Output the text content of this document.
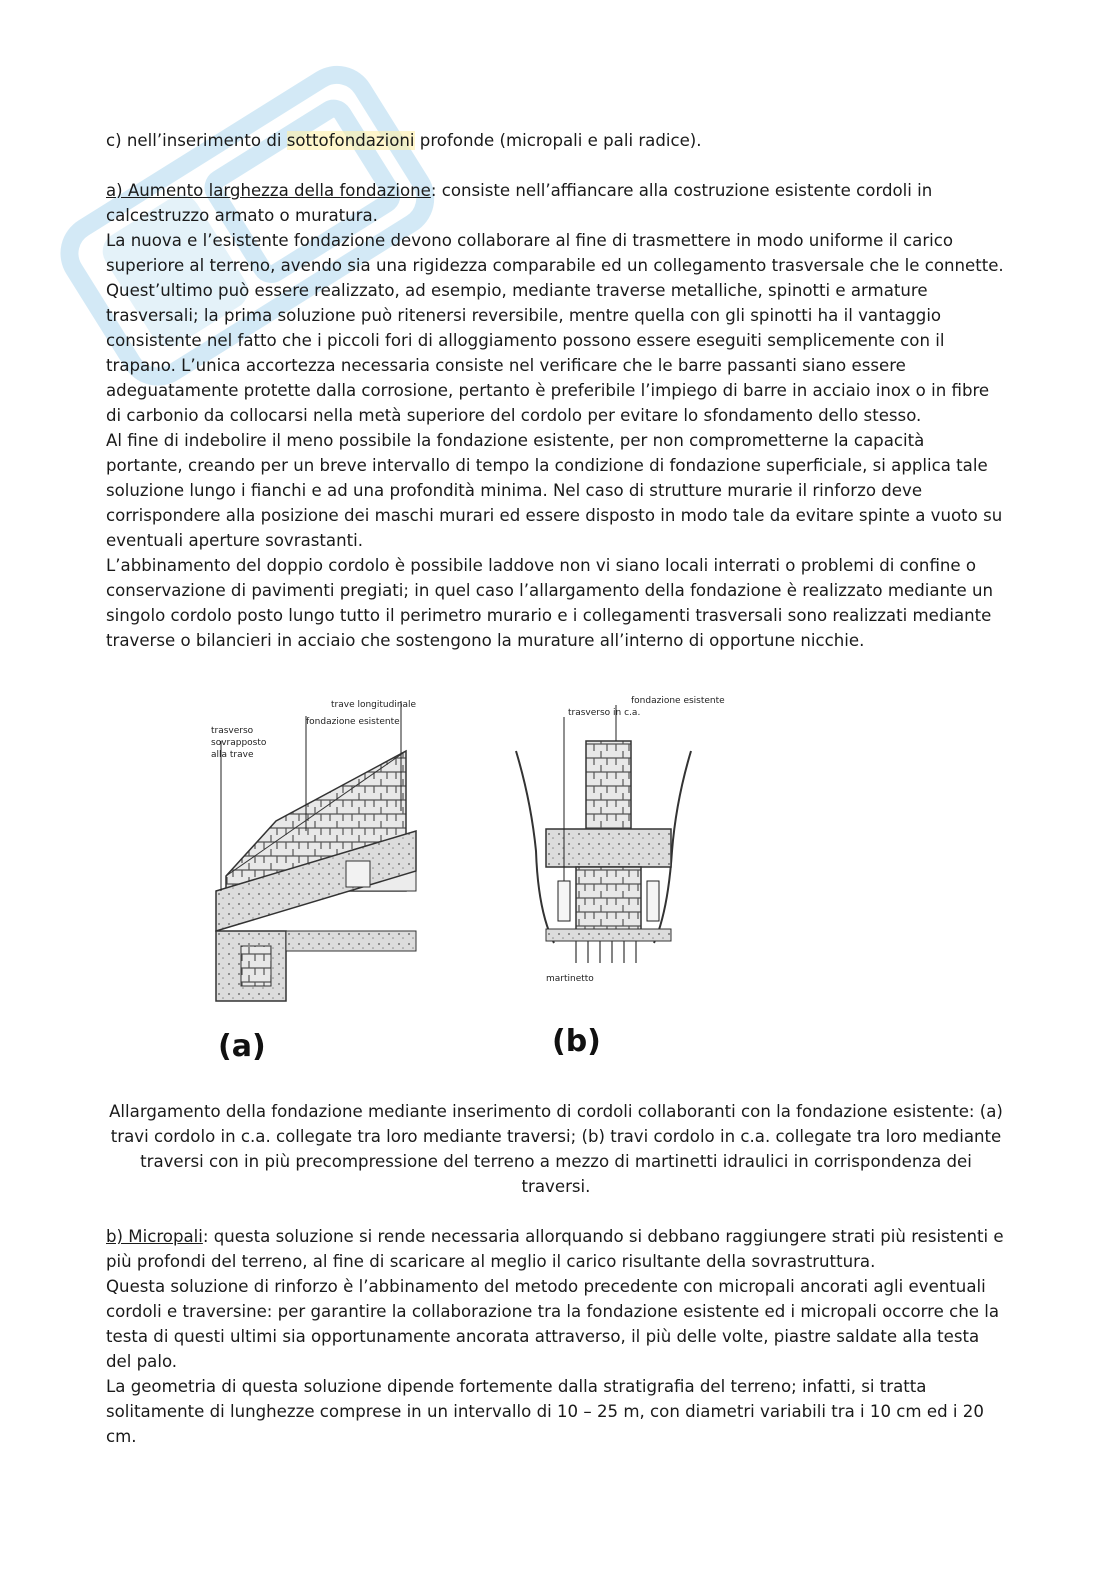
c) nell’inserimento di sottofondazioni profonde (micropali e pali radice).

a) Aumento larghezza della fondazione: consiste nell’affiancare alla costruzione esistente cordoli in calcestruzzo armato o muratura.

La nuova e l’esistente fondazione devono collaborare al fine di trasmettere in modo uniforme il carico superiore al terreno, avendo sia una rigidezza comparabile ed un collegamento trasversale che le connette. Quest’ultimo può essere realizzato, ad esempio, mediante traverse metalliche, spinotti e armature trasversali; la prima soluzione può ritenersi reversibile, mentre quella con gli spinotti ha il vantaggio consistente nel fatto che i piccoli fori di alloggiamento possono essere eseguiti semplicemente con il trapano. L’unica accortezza necessaria consiste nel verificare che le barre passanti siano essere adeguatamente protette dalla corrosione, pertanto è preferibile l’impiego di barre in acciaio inox o in fibre di carbonio da collocarsi nella metà superiore del cordolo per evitare lo sfondamento dello stesso.

Al fine di indebolire il meno possibile la fondazione esistente, per non comprometterne la capacità portante, creando per un breve intervallo di tempo la condizione di fondazione superficiale, si applica tale soluzione lungo i fianchi e ad una profondità minima. Nel caso di strutture murarie il rinforzo deve corrispondere alla posizione dei maschi murari ed essere disposto in modo tale da evitare spinte a vuoto su eventuali aperture sovrastanti.

L’abbinamento del doppio cordolo è possibile laddove non vi siano locali interrati o problemi di confine o conservazione di pavimenti pregiati; in quel caso l’allargamento della fondazione è realizzato mediante un singolo cordolo posto lungo tutto il perimetro murario e i collegamenti trasversali sono realizzati mediante traverse o bilancieri in acciaio che sostengono la murature all’interno di opportune nicchie.

trave longitudinale
fondazione esistente
trasverso
sovrapposto
alla trave
(a)
fondazione esistente
trasverso in c.a.
martinetto
(b)

Allargamento della fondazione mediante inserimento di cordoli collaboranti con la fondazione esistente: (a) travi cordolo in c.a. collegate tra loro mediante traversi; (b) travi cordolo in c.a. collegate tra loro mediante traversi con in più precompressione del terreno a mezzo di martinetti idraulici in corrispondenza dei traversi.

b) Micropali: questa soluzione si rende necessaria allorquando si debbano raggiungere strati più resistenti e più profondi del terreno, al fine di scaricare al meglio il carico risultante della sovrastruttura.

Questa soluzione di rinforzo è l’abbinamento del metodo precedente con micropali ancorati agli eventuali cordoli e traversine: per garantire la collaborazione tra la fondazione esistente ed i micropali occorre che la testa di questi ultimi sia opportunamente ancorata attraverso, il più delle volte, piastre saldate alla testa del palo.

La geometria di questa soluzione dipende fortemente dalla stratigrafia del terreno; infatti, si tratta solitamente di lunghezze comprese in un intervallo di 10 – 25 m, con diametri variabili tra i 10 cm ed i 20 cm.
